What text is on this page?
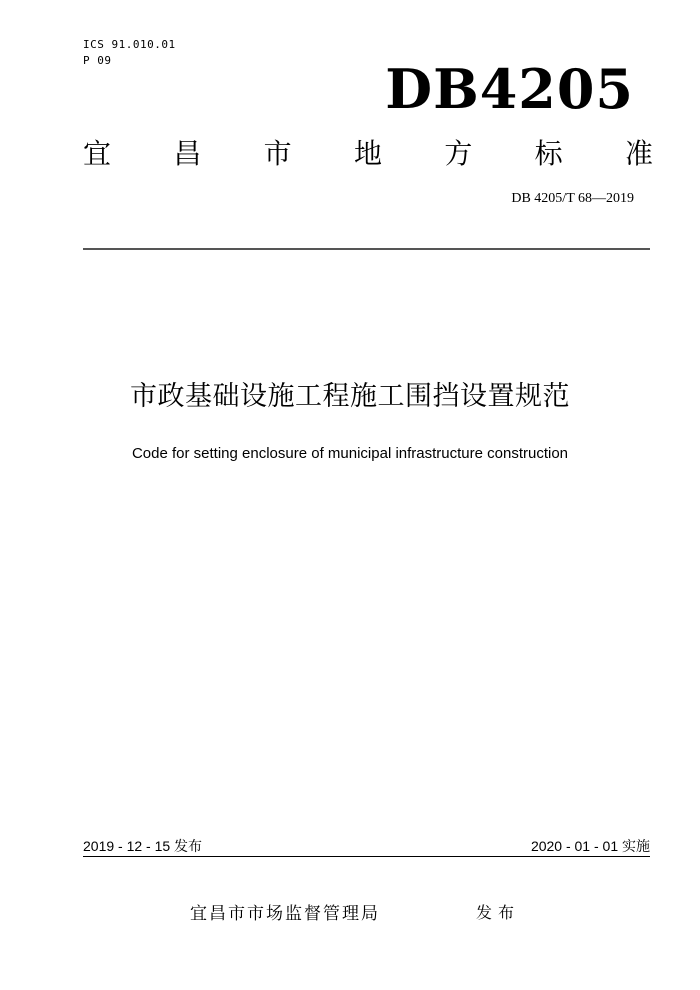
ICS 91.010.01
P 09	DB4205
宜 昌 市 地 方 标 准
DB 4205/T 68—2019
市政基础设施工程施工围挡设置规范
Code for setting enclosure of municipal infrastructure construction
2019 - 12 - 15 发布	2020 - 01 - 01 实施
宜昌市市场监督管理局	发布
